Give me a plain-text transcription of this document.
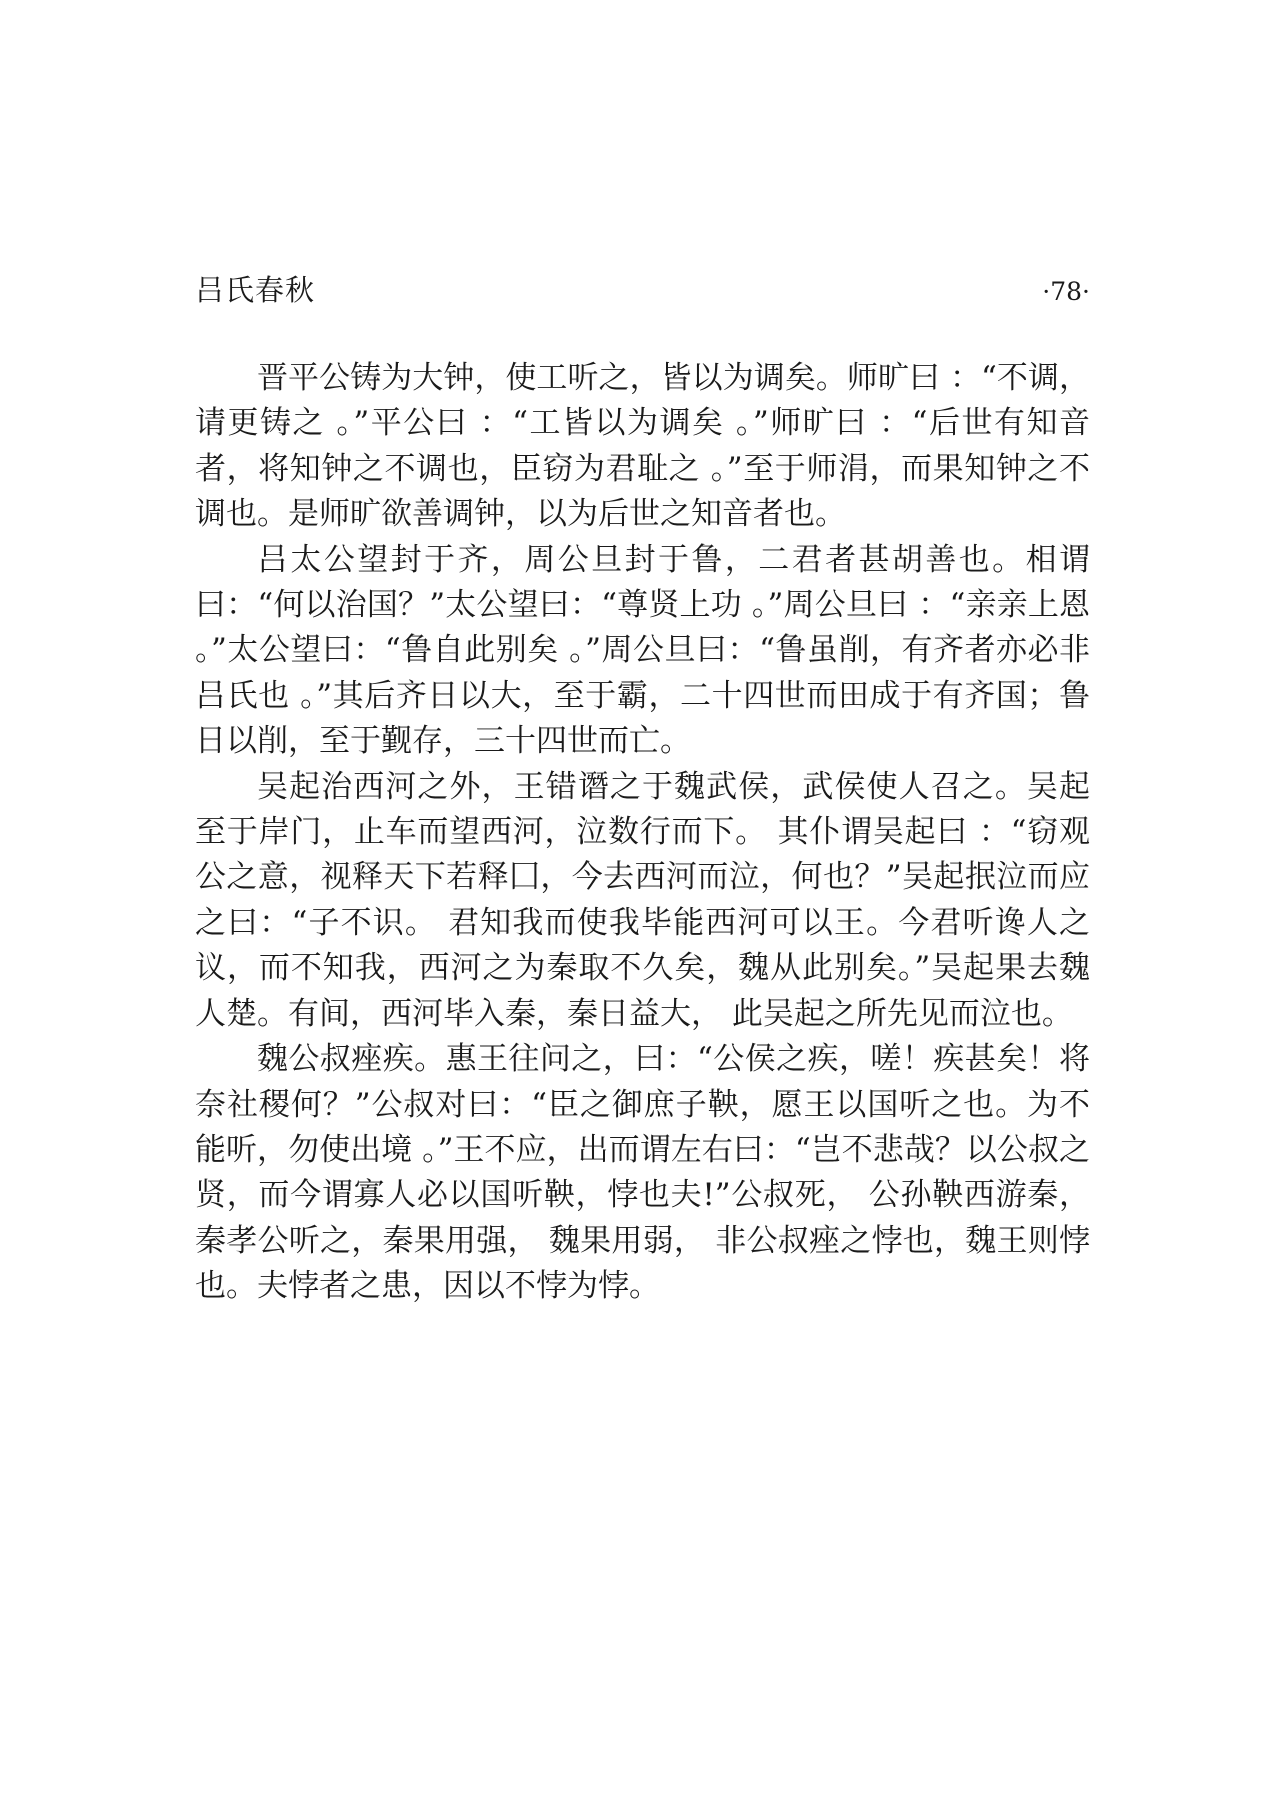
吕氏春秋	·78·

晋平公铸为大钟，使工听之，皆以为调矣。师旷曰 ：“不调，请更铸之 。”平公曰 ：“工皆以为调矣 。”师旷曰 ：“后世有知音者，将知钟之不调也，臣窃为君耻之 。”至于师涓，而果知钟之不调也。是师旷欲善调钟，以为后世之知音者也。

吕太公望封于齐，周公旦封于鲁，二君者甚胡善也。相谓曰：“何以治国？”太公望曰：“尊贤上功 。”周公旦曰 ：“亲亲上恩 。”太公望曰：“鲁自此别矣 。”周公旦曰：“鲁虽削，有齐者亦必非吕氏也 。”其后齐日以大，至于霸，二十四世而田成于有齐国；鲁日以削，至于觐存，三十四世而亡。

吴起治西河之外，王错谮之于魏武侯，武侯使人召之。吴起至于岸门，止车而望西河，泣数行而下。 其仆谓吴起曰 ：“窃观公之意，视释天下若释囗，今去西河而泣，何也？”吴起抿泣而应之曰：“子不识。 君知我而使我毕能西河可以王。今君听谗人之议，而不知我，西河之为秦取不久矣，魏从此别矣。”吴起果去魏人楚。有间，西河毕入秦，秦日益大， 此吴起之所先见而泣也。

魏公叔痤疾。惠王往问之，曰：“公侯之疾，嗟！疾甚矣！将奈社稷何？”公叔对曰：“臣之御庶子鞅，愿王以国听之也。为不能听，勿使出境 。”王不应，出而谓左右曰：“岂不悲哉？以公叔之贤，而今谓寡人必以国听鞅，悖也夫!”公叔死， 公孙鞅西游秦，秦孝公听之，秦果用强， 魏果用弱， 非公叔痤之悖也，魏王则悖也。夫悖者之患，因以不悖为悖。
